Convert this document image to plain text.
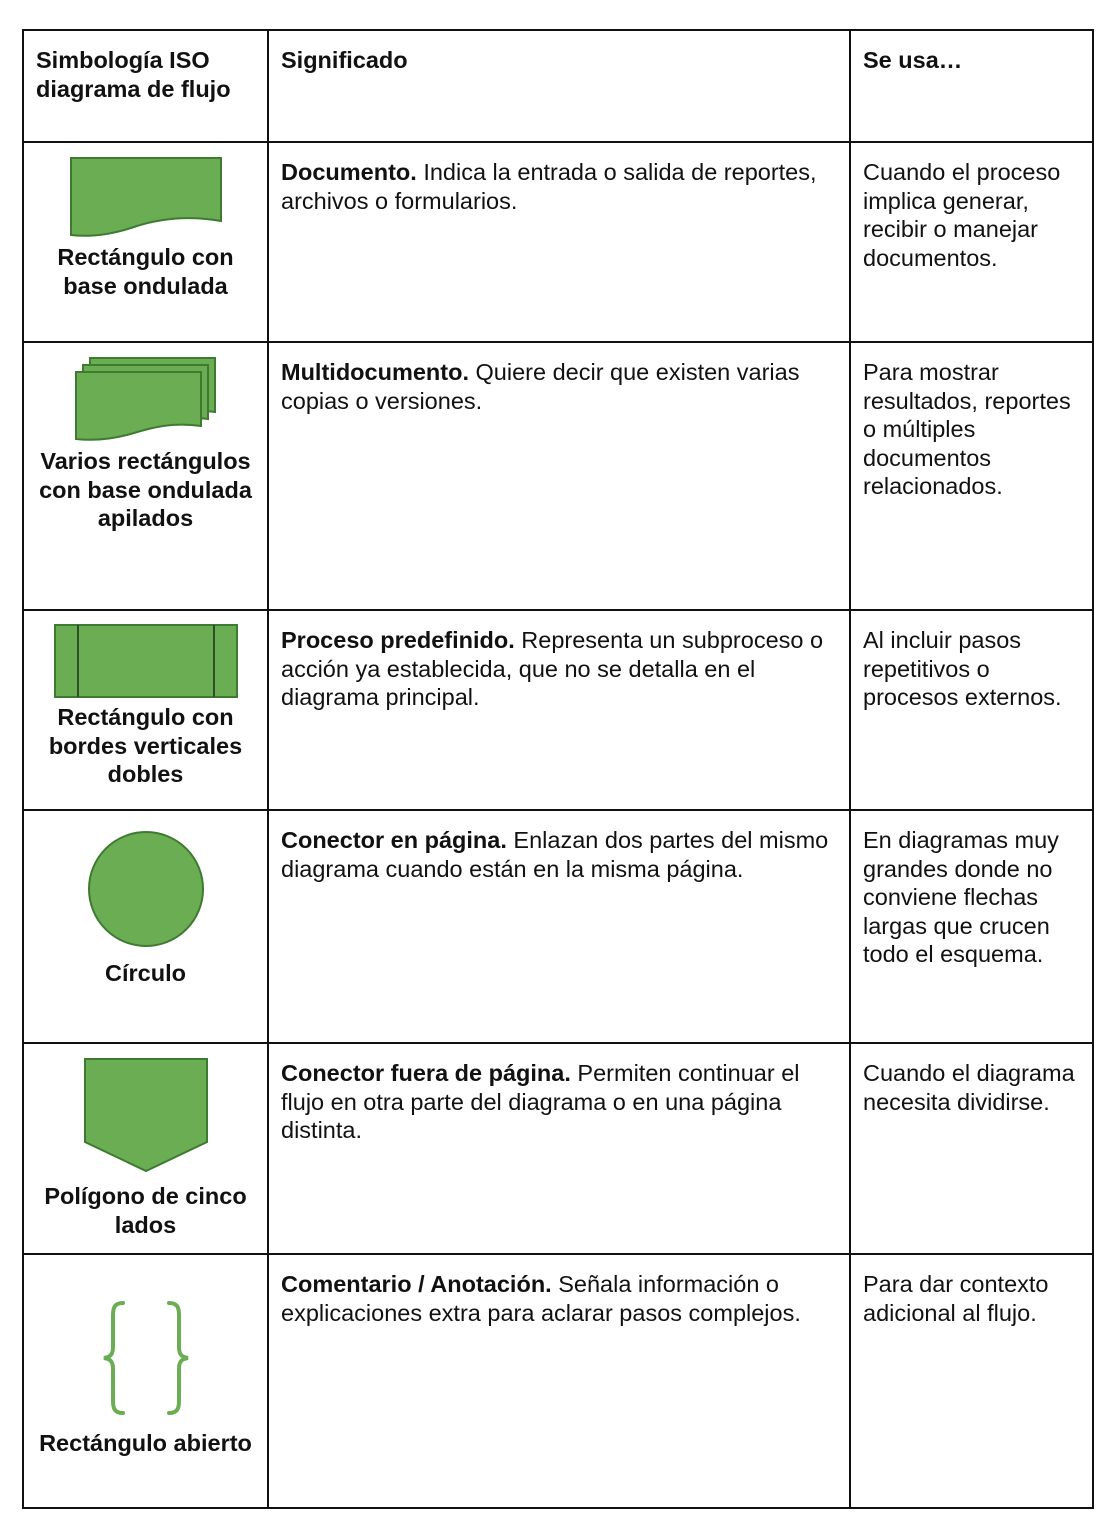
Simbología ISO diagrama de flujo	Significado	Se usa…

Rectángulo con base ondulada	Documento. Indica la entrada o salida de reportes, archivos o formularios.	Cuando el proceso implica generar, recibir o manejar documentos.

Varios rectángulos con base ondulada apilados	Multidocumento. Quiere decir que existen varias copias o versiones.	Para mostrar resultados, reportes o múltiples documentos relacionados.

Rectángulo con bordes verticales dobles	Proceso predefinido. Representa un subproceso o acción ya establecida, que no se detalla en el diagrama principal.	Al incluir pasos repetitivos o procesos externos.

Círculo	Conector en página. Enlazan dos partes del mismo diagrama cuando están en la misma página.	En diagramas muy grandes donde no conviene flechas largas que crucen todo el esquema.

Polígono de cinco lados	Conector fuera de página. Permiten continuar el flujo en otra parte del diagrama o en una página distinta.	Cuando el diagrama necesita dividirse.

Rectángulo abierto	Comentario / Anotación. Señala información o explicaciones extra para aclarar pasos complejos.	Para dar contexto adicional al flujo.
